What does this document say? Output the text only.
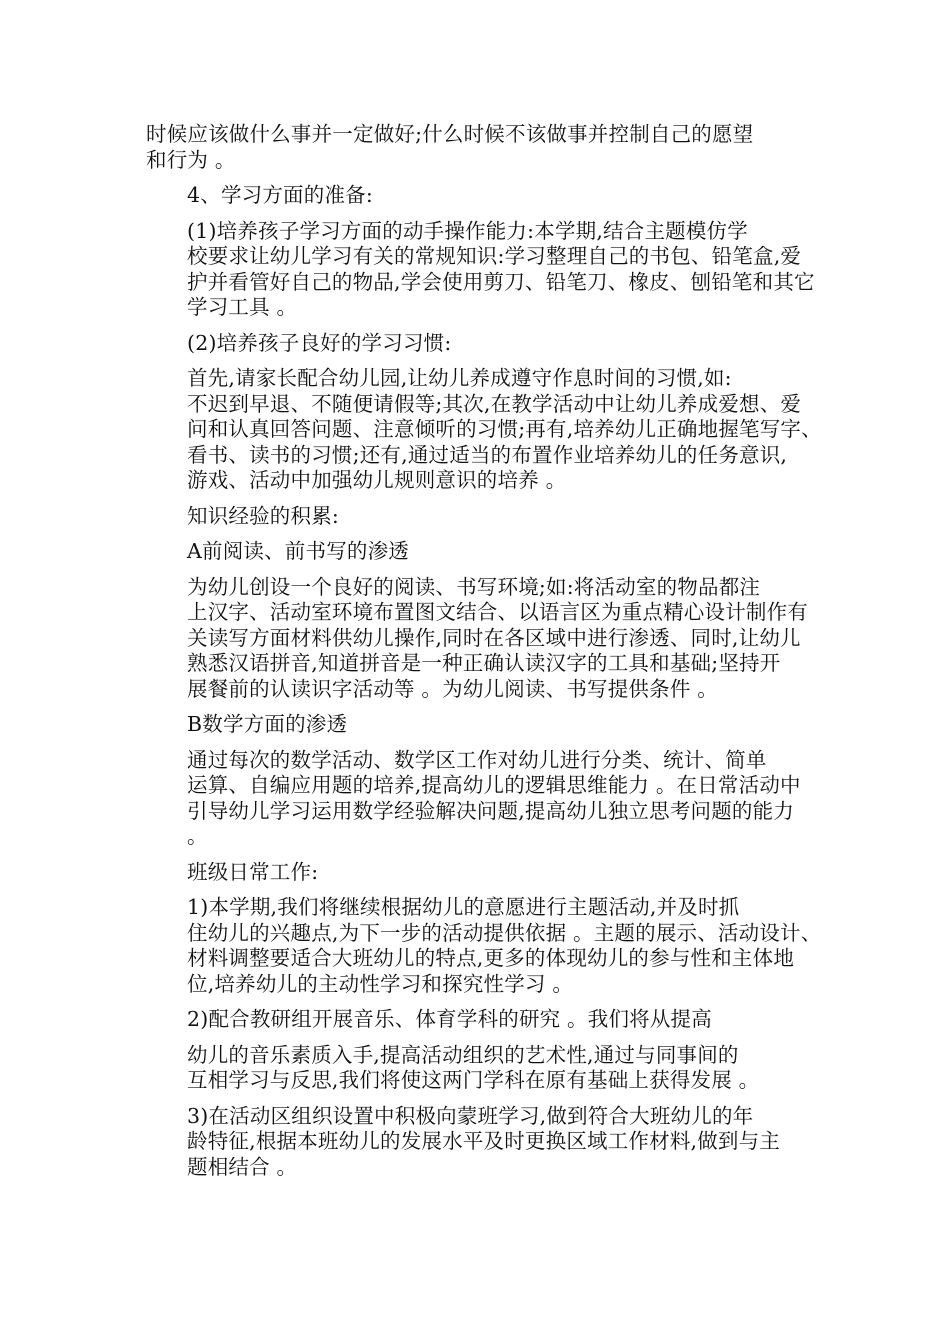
时候应该做什么事并一定做好;什么时候不该做事并控制自己的愿望
和行为 。

4、学习方面的准备:

(1)培养孩子学习方面的动手操作能力:本学期,结合主题模仿学
校要求让幼儿学习有关的常规知识:学习整理自己的书包、铅笔盒,爱
护并看管好自己的物品,学会使用剪刀、铅笔刀、橡皮、刨铅笔和其它
学习工具 。

(2)培养孩子良好的学习习惯:

首先,请家长配合幼儿园,让幼儿养成遵守作息时间的习惯,如:
不迟到早退、不随便请假等;其次,在教学活动中让幼儿养成爱想、爱
问和认真回答问题、注意倾听的习惯;再有,培养幼儿正确地握笔写字、
看书、读书的习惯;还有,通过适当的布置作业培养幼儿的任务意识,
游戏、活动中加强幼儿规则意识的培养 。

知识经验的积累:

A前阅读、前书写的渗透

为幼儿创设一个良好的阅读、书写环境;如:将活动室的物品都注
上汉字、活动室环境布置图文结合、以语言区为重点精心设计制作有
关读写方面材料供幼儿操作,同时在各区域中进行渗透、同时,让幼儿
熟悉汉语拼音,知道拼音是一种正确认读汉字的工具和基础;坚持开
展餐前的认读识字活动等 。为幼儿阅读、书写提供条件 。

B数学方面的渗透

通过每次的数学活动、数学区工作对幼儿进行分类、统计、简单
运算、自编应用题的培养,提高幼儿的逻辑思维能力 。在日常活动中
引导幼儿学习运用数学经验解决问题,提高幼儿独立思考问题的能力
。

班级日常工作:

1)本学期,我们将继续根据幼儿的意愿进行主题活动,并及时抓
住幼儿的兴趣点,为下一步的活动提供依据 。主题的展示、活动设计、
材料调整要适合大班幼儿的特点,更多的体现幼儿的参与性和主体地
位,培养幼儿的主动性学习和探究性学习 。

2)配合教研组开展音乐、体育学科的研究 。我们将从提高

幼儿的音乐素质入手,提高活动组织的艺术性,通过与同事间的
互相学习与反思,我们将使这两门学科在原有基础上获得发展 。

3)在活动区组织设置中积极向蒙班学习,做到符合大班幼儿的年
龄特征,根据本班幼儿的发展水平及时更换区域工作材料,做到与主
题相结合 。
